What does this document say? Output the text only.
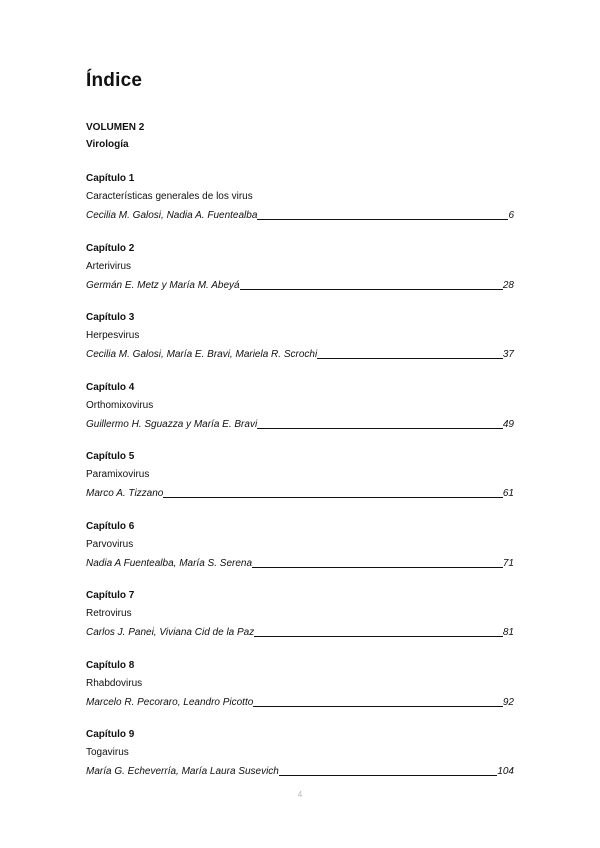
Índice
VOLUMEN 2
Virología
Capítulo 1
Características generales de los virus
Cecilia M. Galosi, Nadia A. Fuentealba	6
Capítulo 2
Arterivirus
Germán E. Metz y María M. Abeyá	28
Capítulo 3
Herpesvirus
Cecilia M. Galosi, María E. Bravi, Mariela R. Scrochi	37
Capítulo 4
Orthomixovirus
Guillermo H. Sguazza y María E. Bravi	49
Capítulo 5
Paramixovirus
Marco A. Tizzano	61
Capítulo 6
Parvovirus
Nadia A Fuentealba, María S. Serena	71
Capítulo 7
Retrovirus
Carlos J. Panei, Viviana Cid de la Paz	81
Capítulo 8
Rhabdovirus
Marcelo R. Pecoraro, Leandro Picotto	92
Capítulo 9
Togavirus
María G. Echeverría, María Laura Susevich	104
4
